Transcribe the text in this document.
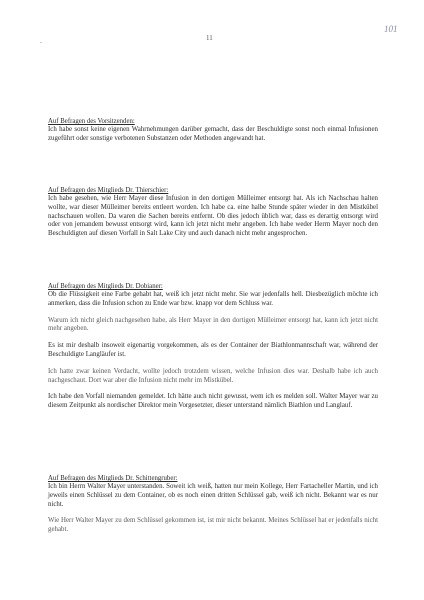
-
11
101

Auf Befragen des Vorsitzenden:

Ich habe sonst keine eigenen Wahrnehmungen darüber gemacht, dass der Beschuldigte sonst noch einmal Infusionen zugeführt oder sonstige verbotenen Substanzen oder Methoden angewandt hat.

Auf Befragen des Mitglieds Dr. Thierschier:

Ich habe gesehen, wie Herr Mayer diese Infusion in den dortigen Mülleimer entsorgt hat. Als ich Nachschau halten wollte, war dieser Mülleimer bereits entleert worden. Ich habe ca. eine halbe Stunde später wieder in den Mistkübel nachschauen wollen. Da waren die Sachen bereits entfernt. Ob dies jedoch üblich war, dass es derartig entsorgt wird oder von jemandem bewusst entsorgt wird, kann ich jetzt nicht mehr angeben. Ich habe weder Herrn Mayer noch den Beschuldigten auf diesen Vorfall in Salt Lake City und auch danach nicht mehr angesprochen.

Auf Befragen des Mitglieds Dr. Dobianer:

Ob die Flüssigkeit eine Farbe gehabt hat, weiß ich jetzt nicht mehr. Sie war jedenfalls hell. Diesbezüglich möchte ich anmerken, dass die Infusion schon zu Ende war bzw. knapp vor dem Schluss war.

Warum ich nicht gleich nachgesehen habe, als Herr Mayer in den dortigen Mülleimer entsorgt hat, kann ich jetzt nicht mehr angeben.

Es ist mir deshalb insoweit eigenartig vorgekommen, als es der Container der Biathlonmannschaft war, während der Beschuldigte Langläufer ist.

Ich hatte zwar keinen Verdacht, wollte jedoch trotzdem wissen, welche Infusion dies war. Deshalb habe ich auch nachgeschaut. Dort war aber die Infusion nicht mehr im Mistkübel.

Ich habe den Vorfall niemanden gemeldet. Ich hätte auch nicht gewusst, wem ich es melden soll. Walter Mayer war zu diesem Zeitpunkt als nordischer Direktor mein Vorgesetzter, dieser unterstand nämlich Biathlon und Langlauf.

Auf Befragen des Mitglieds Dr. Schittengruber:

Ich bin Herrn Walter Mayer unterstanden. Soweit ich weiß, hatten nur mein Kollege, Herr Fartacheller Martin, und ich jeweils einen Schlüssel zu dem Container, ob es noch einen dritten Schlüssel gab, weiß ich nicht. Bekannt war es nur nicht.

Wie Herr Walter Mayer zu dem Schlüssel gekommen ist, ist mir nicht bekannt. Meines Schlüssel hat er jedenfalls nicht gehabt.
